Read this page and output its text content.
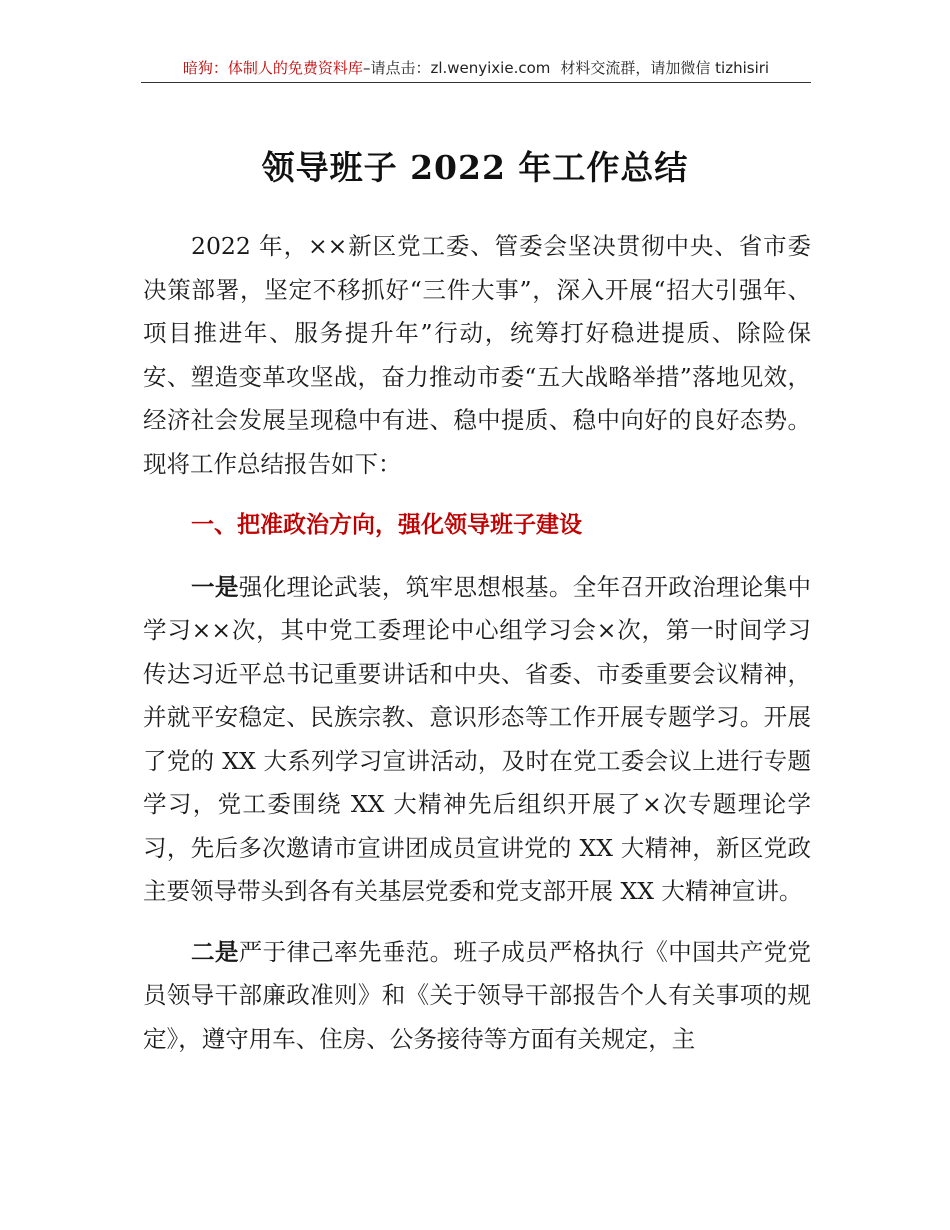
暗狗：体制人的免费资料库–请点击：zl.wenyixie.com 材料交流群，请加微信 tizhisiri
领导班子 2022 年工作总结

2022 年，××新区党工委、管委会坚决贯彻中央、省市委决策部署，坚定不移抓好“三件大事”，深入开展“招大引强年、项目推进年、服务提升年”行动，统筹打好稳进提质、除险保安、塑造变革攻坚战，奋力推动市委“五大战略举措”落地见效，经济社会发展呈现稳中有进、稳中提质、稳中向好的良好态势。现将工作总结报告如下：

一、把准政治方向，强化领导班子建设

一是强化理论武装，筑牢思想根基。全年召开政治理论集中学习××次，其中党工委理论中心组学习会×次，第一时间学习传达习近平总书记重要讲话和中央、省委、市委重要会议精神，并就平安稳定、民族宗教、意识形态等工作开展专题学习。开展了党的 XX 大系列学习宣讲活动，及时在党工委会议上进行专题学习，党工委围绕 XX 大精神先后组织开展了×次专题理论学习，先后多次邀请市宣讲团成员宣讲党的 XX 大精神，新区党政主要领导带头到各有关基层党委和党支部开展 XX 大精神宣讲。

二是严于律己率先垂范。班子成员严格执行《中国共产党党员领导干部廉政准则》和《关于领导干部报告个人有关事项的规定》，遵守用车、住房、公务接待等方面有关规定，主
